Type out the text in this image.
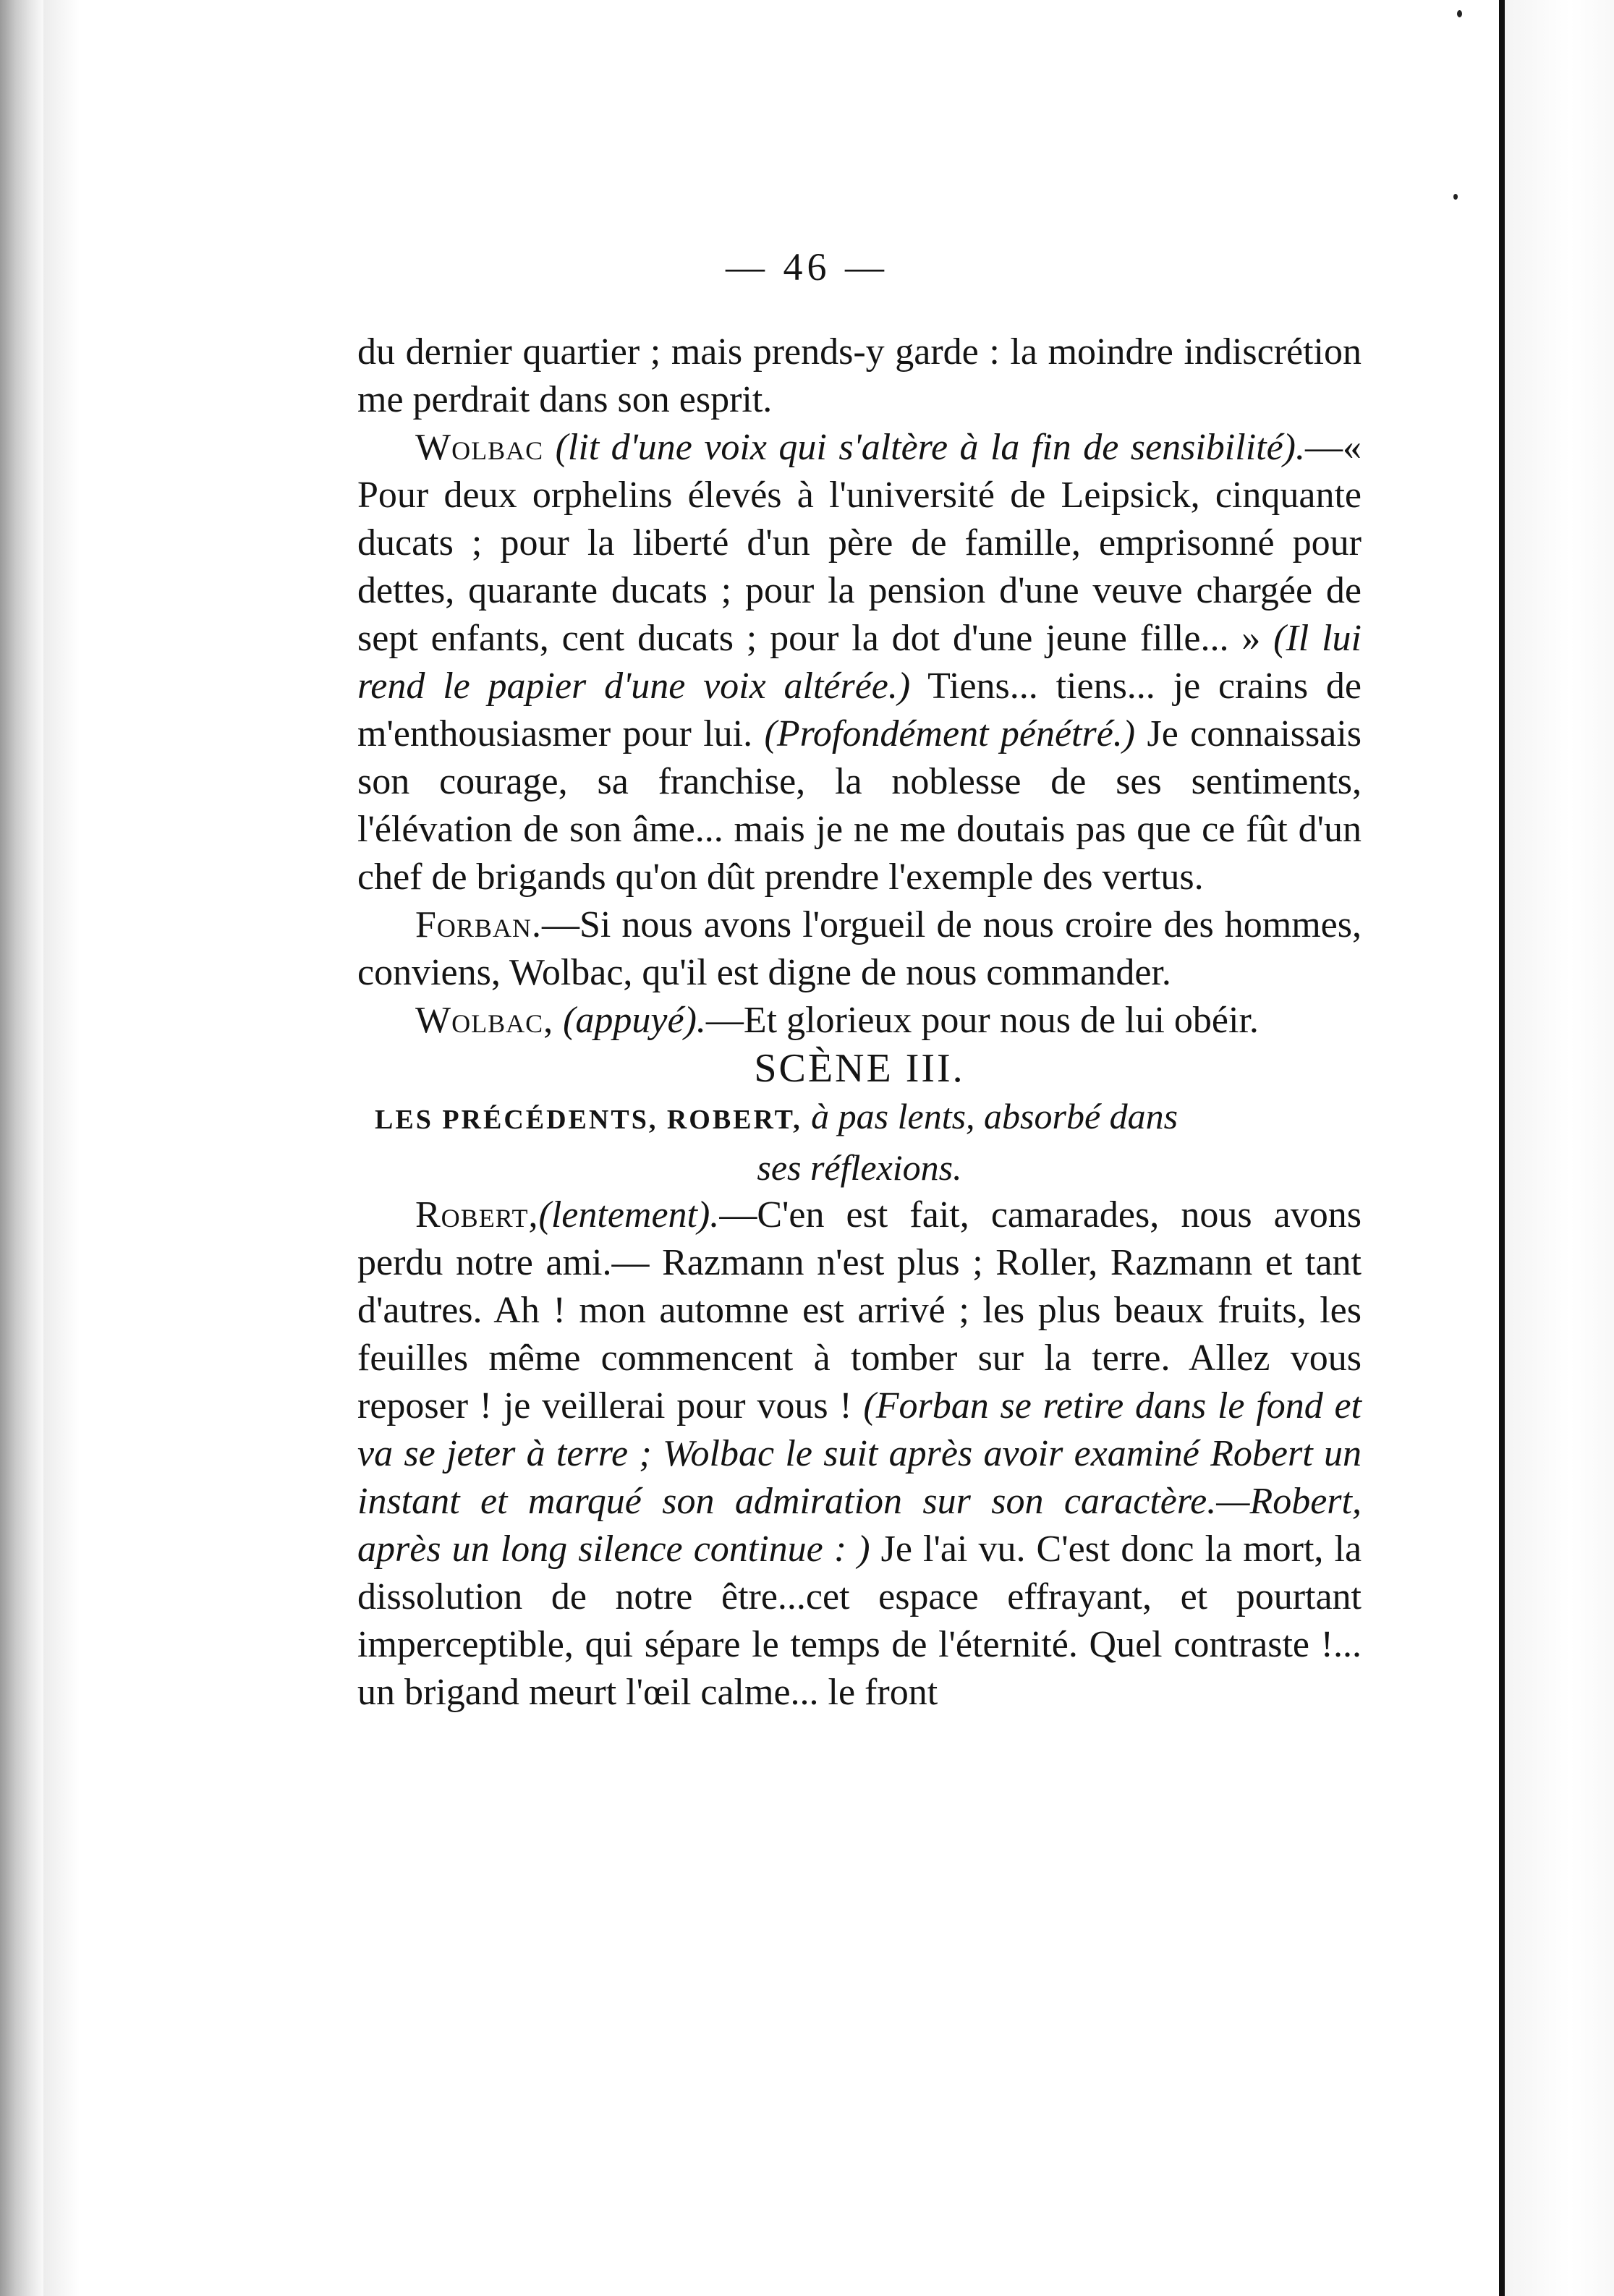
— 46 —

du dernier quartier ; mais prends-y garde : la moindre indiscrétion me perdrait dans son esprit.

Wolbac (lit d'une voix qui s'altère à la fin de sensibilité).—« Pour deux orphelins élevés à l'université de Leipsick, cinquante ducats ; pour la liberté d'un père de famille, emprisonné pour dettes, quarante ducats ; pour la pension d'une veuve chargée de sept enfants, cent ducats ; pour la dot d'une jeune fille... » (Il lui rend le papier d'une voix altérée.) Tiens... tiens... je crains de m'enthousiasmer pour lui. (Profondément pénétré.) Je connaissais son courage, sa franchise, la noblesse de ses sentiments, l'élévation de son âme... mais je ne me doutais pas que ce fût d'un chef de brigands qu'on dût prendre l'exemple des vertus.

Forban.—Si nous avons l'orgueil de nous croire des hommes, conviens, Wolbac, qu'il est digne de nous commander.

Wolbac, (appuyé).—Et glorieux pour nous de lui obéir.

SCÈNE III.

LES PRÉCÉDENTS, ROBERT, à pas lents, absorbé dans

ses réflexions.

Robert,(lentement).—C'en est fait, camarades, nous avons perdu notre ami.— Razmann n'est plus ; Roller, Razmann et tant d'autres. Ah ! mon automne est arrivé ; les plus beaux fruits, les feuilles même commencent à tomber sur la terre. Allez vous reposer ! je veillerai pour vous ! (Forban se retire dans le fond et va se jeter à terre ; Wolbac le suit après avoir examiné Robert un instant et marqué son admiration sur son caractère.—Robert, après un long silence continue : ) Je l'ai vu. C'est donc la mort, la dissolution de notre être...cet espace effrayant, et pourtant imperceptible, qui sépare le temps de l'éternité. Quel contraste !... un brigand meurt l'œil calme... le front
